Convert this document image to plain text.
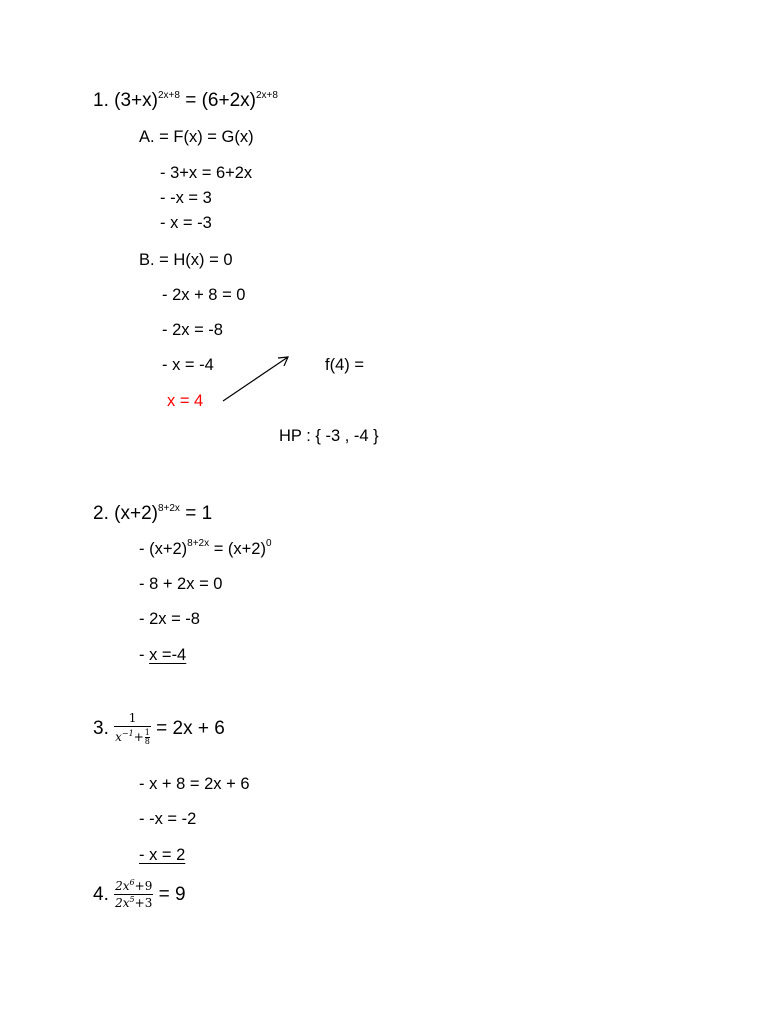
1. $(3+x)^{2x+8} = (6+2x)^{2x+8}$
A. = F(x) = G(x)
- 3+x = 6+2x
- -x = 3
- x = -3
B. = H(x) = 0
- 2x + 8 = 0
- 2x = -8
- x = -4
x = 4
f(4) =
HP : { -3 , -4 }
2. $(x+2)^{8+2x} = 1$
- $(x+2)^{8+2x} = (x+2)^0$
- 8 + 2x = 0
- 2x = -8
- x =-4
3. $\frac{1}{x^{-1}+ \frac{1}{8}} = 2x + 6$
- x + 8 = 2x + 6
- -x = -2
- x = 2
4. $\frac{2x^6+9}{2x^5+3} = 9$
